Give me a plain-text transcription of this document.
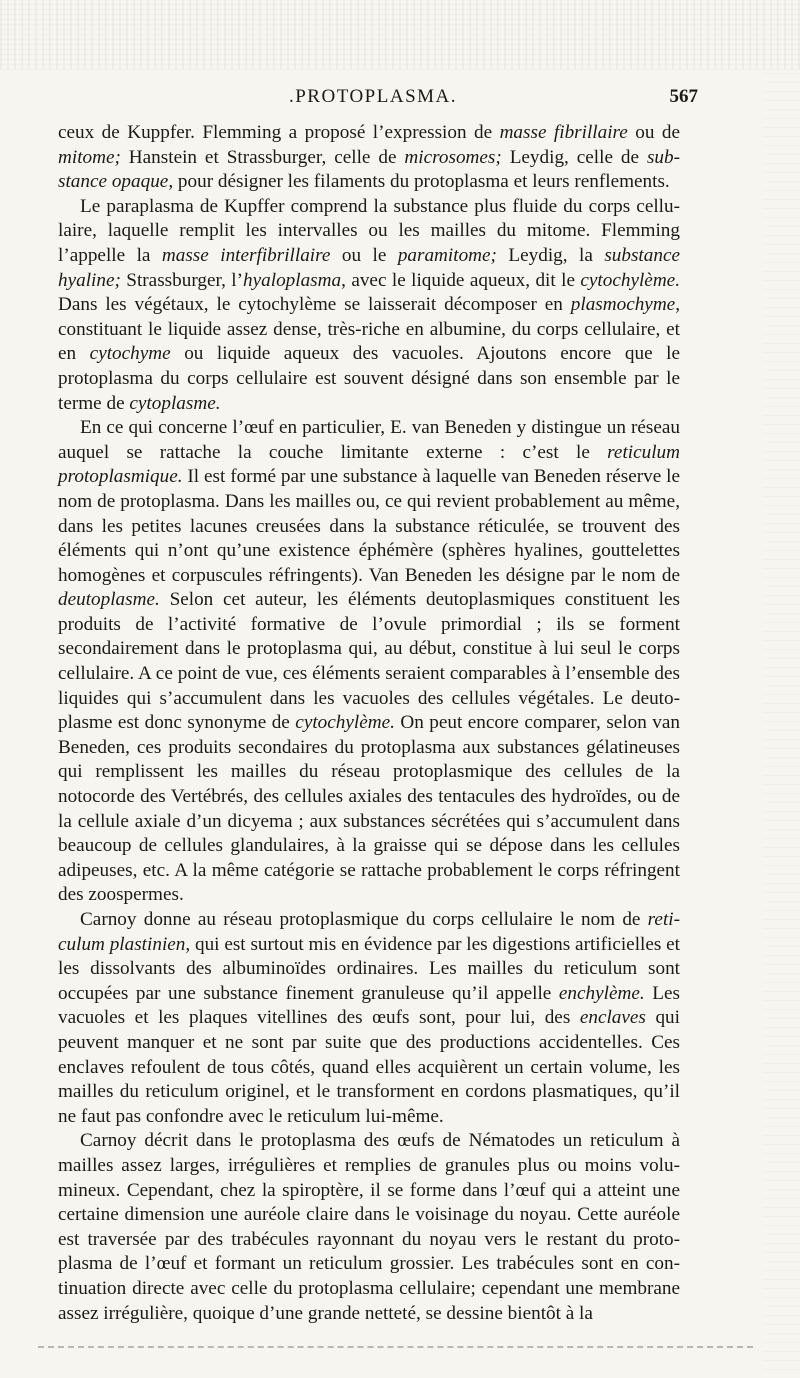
.PROTOPLASMA.	567

ceux de Kuppfer. Flemming a proposé l’expression de masse fibrillaire ou de mitome; Hanstein et Strassburger, celle de microsomes; Leydig, celle de substance opaque, pour désigner les filaments du protoplasma et leurs renflements.

Le paraplasma de Kupffer comprend la substance plus fluide du corps cellulaire, laquelle remplit les intervalles ou les mailles du mitome. Flemming l’appelle la masse interfibrillaire ou le paramitome; Leydig, la substance hyaline; Strassburger, l’hyaloplasma, avec le liquide aqueux, dit le cytochylème. Dans les végétaux, le cytochylème se laisserait décomposer en plasmochyme, constituant le liquide assez dense, très-riche en albumine, du corps cellulaire, et en cytochyme ou liquide aqueux des vacuoles. Ajoutons encore que le protoplasma du corps cellulaire est souvent désigné dans son ensemble par le terme de cytoplasme.

En ce qui concerne l’œuf en particulier, E. van Beneden y distingue un réseau auquel se rattache la couche limitante externe : c’est le reticulum protoplasmique. Il est formé par une substance à laquelle van Beneden réserve le nom de protoplasma. Dans les mailles ou, ce qui revient probablement au même, dans les petites lacunes creusées dans la substance réticulée, se trouvent des éléments qui n’ont qu’une existence éphémère (sphères hyalines, gouttelettes homogènes et corpuscules réfringents). Van Beneden les désigne par le nom de deutoplasme. Selon cet auteur, les éléments deutoplasmiques constituent les produits de l’activité formative de l’ovule primordial ; ils se forment secondairement dans le protoplasma qui, au début, constitue à lui seul le corps cellulaire. A ce point de vue, ces éléments seraient comparables à l’ensemble des liquides qui s’accumulent dans les vacuoles des cellules végétales. Le deutoplasme est donc synonyme de cytochylème. On peut encore comparer, selon van Beneden, ces produits secondaires du protoplasma aux substances gélatineuses qui remplissent les mailles du réseau protoplasmique des cellules de la notocorde des Vertébrés, des cellules axiales des tentacules des hydroïdes, ou de la cellule axiale d’un dicyema ; aux substances sécrétées qui s’accumulent dans beaucoup de cellules glandulaires, à la graisse qui se dépose dans les cellules adipeuses, etc. A la même catégorie se rattache probablement le corps réfringent des zoospermes.

Carnoy donne au réseau protoplasmique du corps cellulaire le nom de reticulum plastinien, qui est surtout mis en évidence par les digestions artificielles et les dissolvants des albuminoïdes ordinaires. Les mailles du reticulum sont occupées par une substance finement granuleuse qu’il appelle enchylème. Les vacuoles et les plaques vitellines des œufs sont, pour lui, des enclaves qui peuvent manquer et ne sont par suite que des productions accidentelles. Ces enclaves refoulent de tous côtés, quand elles acquièrent un certain volume, les mailles du reticulum originel, et le transforment en cordons plasmatiques, qu’il ne faut pas confondre avec le reticulum lui-même.

Carnoy décrit dans le protoplasma des œufs de Nématodes un reticulum à mailles assez larges, irrégulières et remplies de granules plus ou moins volumineux. Cependant, chez la spiroptère, il se forme dans l’œuf qui a atteint une certaine dimension une auréole claire dans le voisinage du noyau. Cette auréole est traversée par des trabécules rayonnant du noyau vers le restant du protoplasma de l’œuf et formant un reticulum grossier. Les trabécules sont en continuation directe avec celle du protoplasma cellulaire; cependant une membrane assez irrégulière, quoique d’une grande netteté, se dessine bientôt à la
